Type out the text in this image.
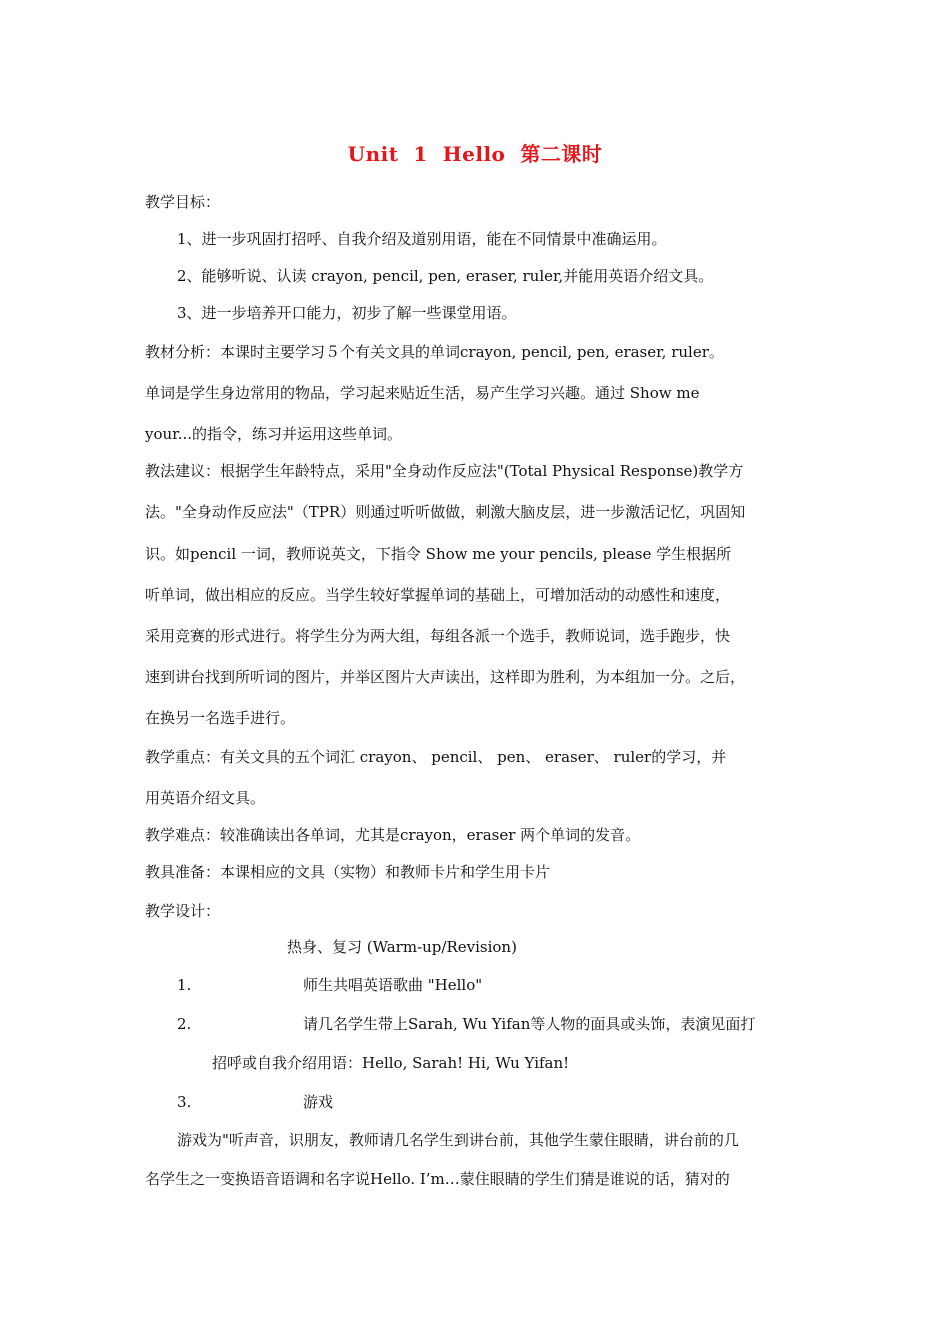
Unit  1  Hello  第二课时
教学目标：
1、进一步巩固打招呼、自我介绍及道别用语，能在不同情景中准确运用。
2、能够听说、认读 crayon, pencil, pen, eraser, ruler,并能用英语介绍文具。
3、进一步培养开口能力，初步了解一些课堂用语。
教材分析：本课时主要学习５个有关文具的单词crayon, pencil, pen, eraser, ruler。
单词是学生身边常用的物品，学习起来贴近生活，易产生学习兴趣。通过 Show me
your...的指令，练习并运用这些单词。
教法建议：根据学生年龄特点，采用"全身动作反应法"(Total Physical Response)教学方
法。"全身动作反应法"（TPR）则通过听听做做，刺激大脑皮层，进一步激活记忆，巩固知
识。如pencil 一词，教师说英文，下指令 Show me your pencils, please 学生根据所
听单词，做出相应的反应。当学生较好掌握单词的基础上，可增加活动的动感性和速度，
采用竞赛的形式进行。将学生分为两大组，每组各派一个选手，教师说词，选手跑步，快
速到讲台找到所听词的图片，并举区图片大声读出，这样即为胜利，为本组加一分。之后，
在换另一名选手进行。
教学重点：有关文具的五个词汇 crayon、 pencil、 pen、 eraser、 ruler的学习，并
用英语介绍文具。
教学难点：较准确读出各单词，尤其是crayon，eraser 两个单词的发音。
教具准备：本课相应的文具（实物）和教师卡片和学生用卡片
教学设计：
热身、复习 (Warm-up/Revision)
1.	师生共唱英语歌曲 "Hello"
2.	请几名学生带上Sarah, Wu Yifan等人物的面具或头饰，表演见面打
招呼或自我介绍用语：Hello, Sarah! Hi, Wu Yifan!
3.	游戏
游戏为"听声音，识朋友，教师请几名学生到讲台前，其他学生蒙住眼睛，讲台前的几
名学生之一变换语音语调和名字说Hello. I’m…蒙住眼睛的学生们猜是谁说的话，猜对的
